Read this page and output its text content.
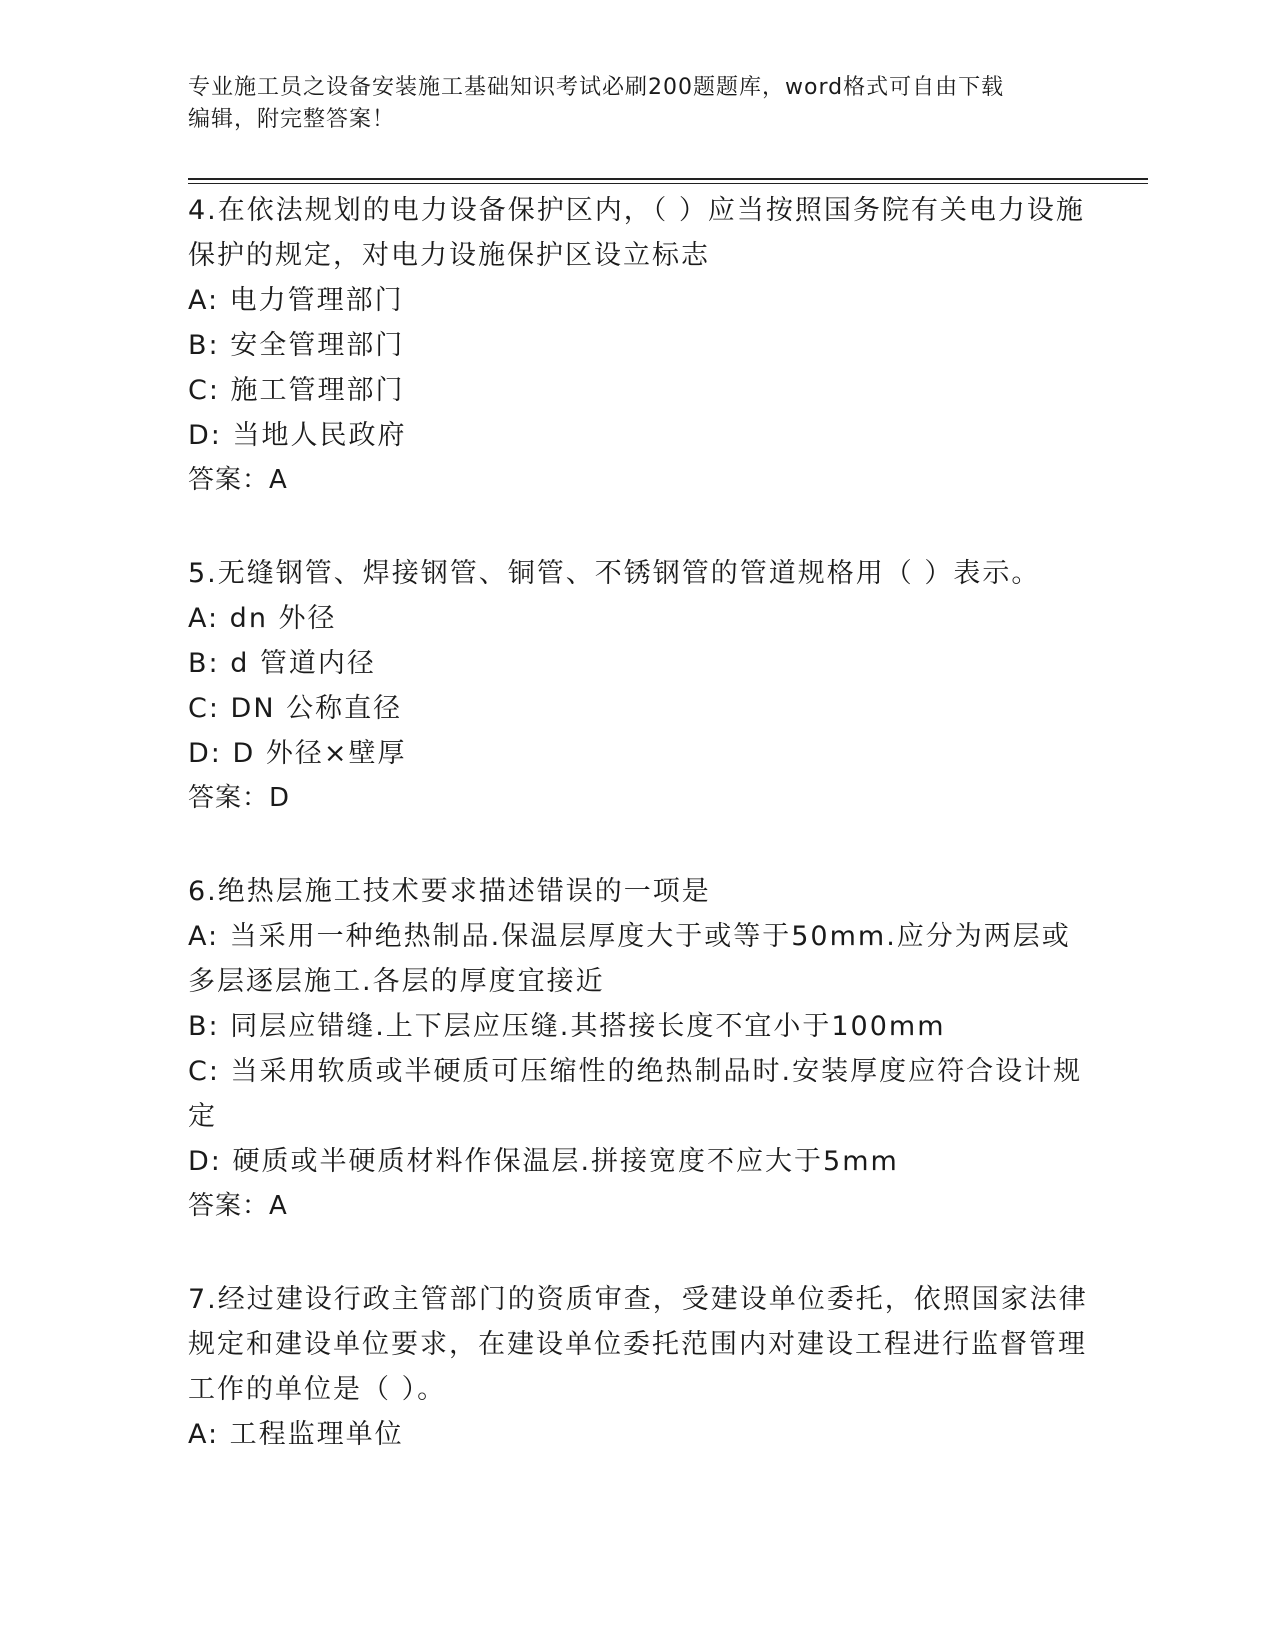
专业施工员之设备安装施工基础知识考试必刷200题题库，word格式可自由下载
编辑，附完整答案！

4.在依法规划的电力设备保护区内，（ ）应当按照国务院有关电力设施保护的规定，对电力设施保护区设立标志

A: 电力管理部门

B: 安全管理部门

C: 施工管理部门

D: 当地人民政府

答案：A

5.无缝钢管、焊接钢管、铜管、不锈钢管的管道规格用（ ）表示。

A: dn 外径

B: d 管道内径

C: DN 公称直径

D: D 外径×壁厚

答案：D

6.绝热层施工技术要求描述错误的一项是

A: 当采用一种绝热制品.保温层厚度大于或等于50mm.应分为两层或多层逐层施工.各层的厚度宜接近

B: 同层应错缝.上下层应压缝.其搭接长度不宜小于100mm

C: 当采用软质或半硬质可压缩性的绝热制品时.安装厚度应符合设计规定

D: 硬质或半硬质材料作保温层.拼接宽度不应大于5mm

答案：A

7.经过建设行政主管部门的资质审查，受建设单位委托，依照国家法律规定和建设单位要求，在建设单位委托范围内对建设工程进行监督管理工作的单位是（ ）。

A: 工程监理单位
